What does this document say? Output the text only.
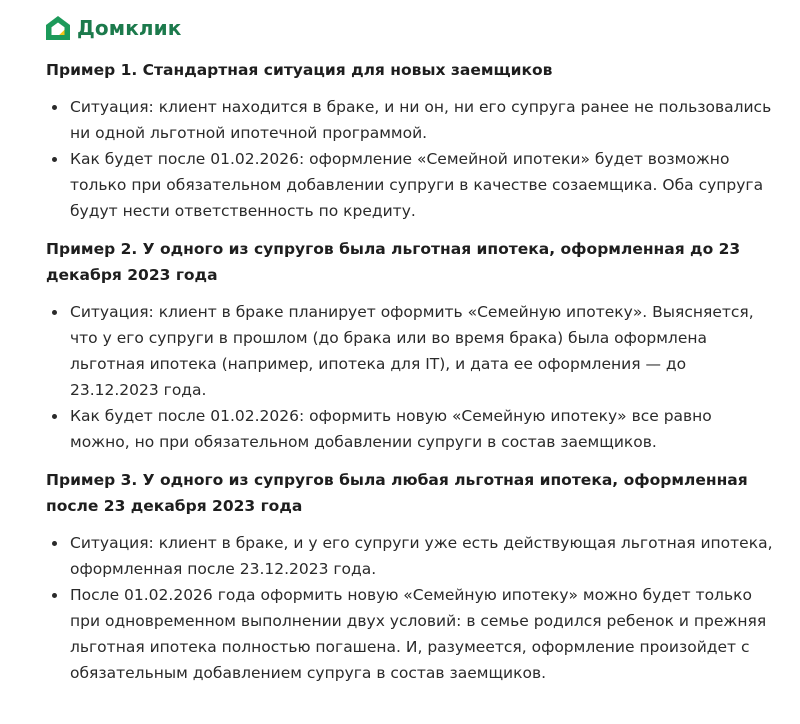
Домклик
Пример 1. Стандартная ситуация для новых заемщиков
Ситуация: клиент находится в браке, и ни он, ни его супруга ранее не пользовались ни одной льготной ипотечной программой.
Как будет после 01.02.2026: оформление «Семейной ипотеки» будет возможно только при обязательном добавлении супруги в качестве созаемщика. Оба супруга будут нести ответственность по кредиту.
Пример 2. У одного из супругов была льготная ипотека, оформленная до 23 декабря 2023 года
Ситуация: клиент в браке планирует оформить «Семейную ипотеку». Выясняется, что у его супруги в прошлом (до брака или во время брака) была оформлена льготная ипотека (например, ипотека для IT), и дата ее оформления — до 23.12.2023 года.
Как будет после 01.02.2026: оформить новую «Семейную ипотеку» все равно можно, но при обязательном добавлении супруги в состав заемщиков.
Пример 3. У одного из супругов была любая льготная ипотека, оформленная после 23 декабря 2023 года
Ситуация: клиент в браке, и у его супруги уже есть действующая льготная ипотека, оформленная после 23.12.2023 года.
После 01.02.2026 года оформить новую «Семейную ипотеку» можно будет только при одновременном выполнении двух условий: в семье родился ребенок и прежняя льготная ипотека полностью погашена. И, разумеется, оформление произойдет с обязательным добавлением супруга в состав заемщиков.
